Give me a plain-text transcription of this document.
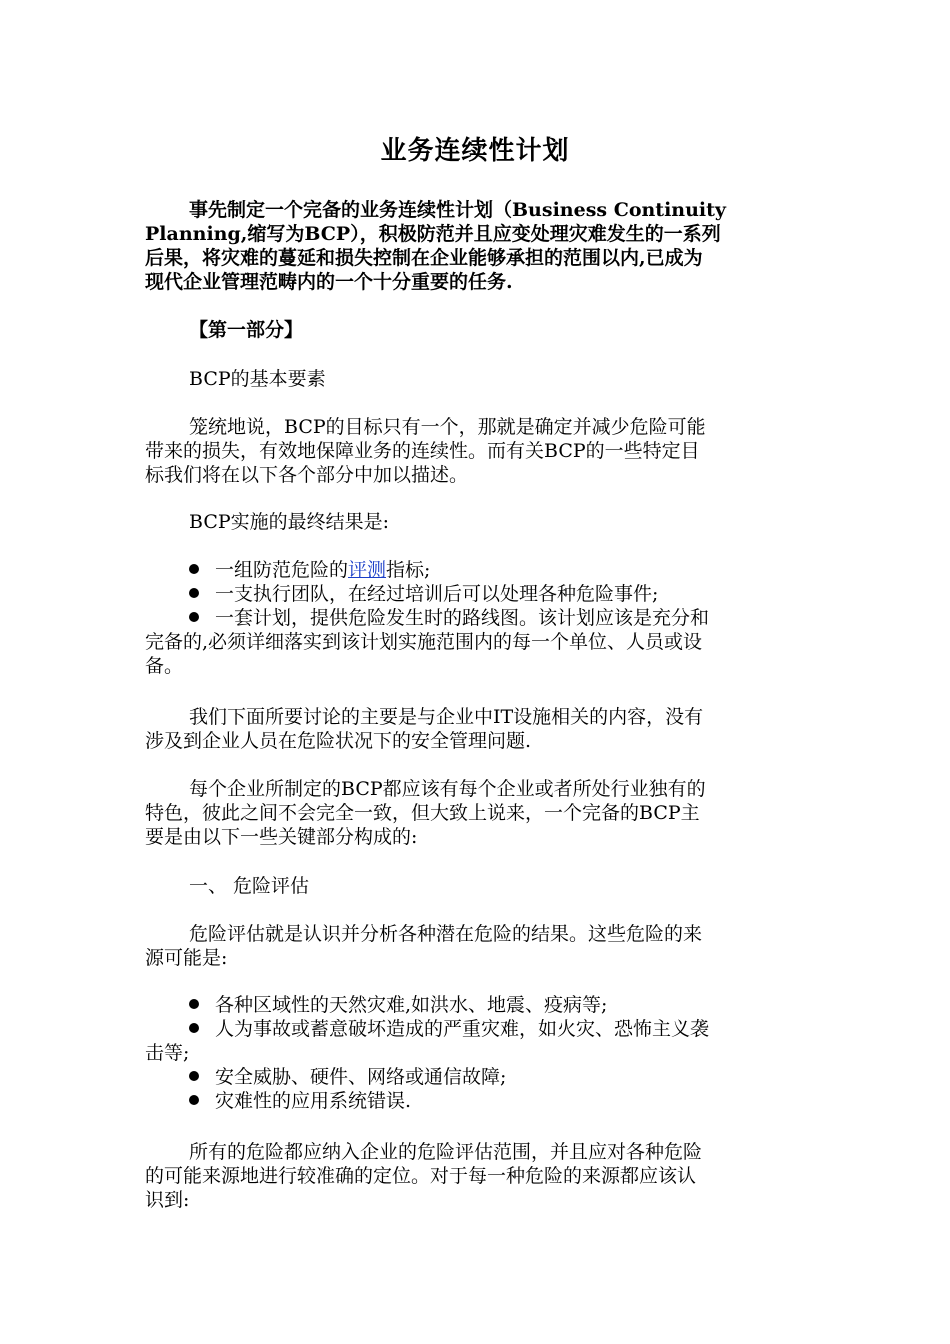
业务连续性计划
事先制定一个完备的业务连续性计划（Business Continuity
Planning,缩写为BCP），积极防范并且应变处理灾难发生的一系列
后果，将灾难的蔓延和损失控制在企业能够承担的范围以内,已成为
现代企业管理范畴内的一个十分重要的任务.
【第一部分】
BCP的基本要素
笼统地说，BCP的目标只有一个，那就是确定并减少危险可能
带来的损失，有效地保障业务的连续性。而有关BCP的一些特定目
标我们将在以下各个部分中加以描述。
BCP实施的最终结果是:
一组防范危险的评测指标;
一支执行团队，在经过培训后可以处理各种危险事件;
一套计划，提供危险发生时的路线图。该计划应该是充分和
完备的,必须详细落实到该计划实施范围内的每一个单位、人员或设
备。
我们下面所要讨论的主要是与企业中IT设施相关的内容，没有
涉及到企业人员在危险状况下的安全管理问题.
每个企业所制定的BCP都应该有每个企业或者所处行业独有的
特色，彼此之间不会完全一致，但大致上说来，一个完备的BCP主
要是由以下一些关键部分构成的:
一、 危险评估
危险评估就是认识并分析各种潜在危险的结果。这些危险的来
源可能是:
各种区域性的天然灾难,如洪水、地震、疫病等;
人为事故或蓄意破坏造成的严重灾难，如火灾、恐怖主义袭
击等;
安全威胁、硬件、网络或通信故障;
灾难性的应用系统错误.
所有的危险都应纳入企业的危险评估范围，并且应对各种危险
的可能来源地进行较准确的定位。对于每一种危险的来源都应该认
识到:
